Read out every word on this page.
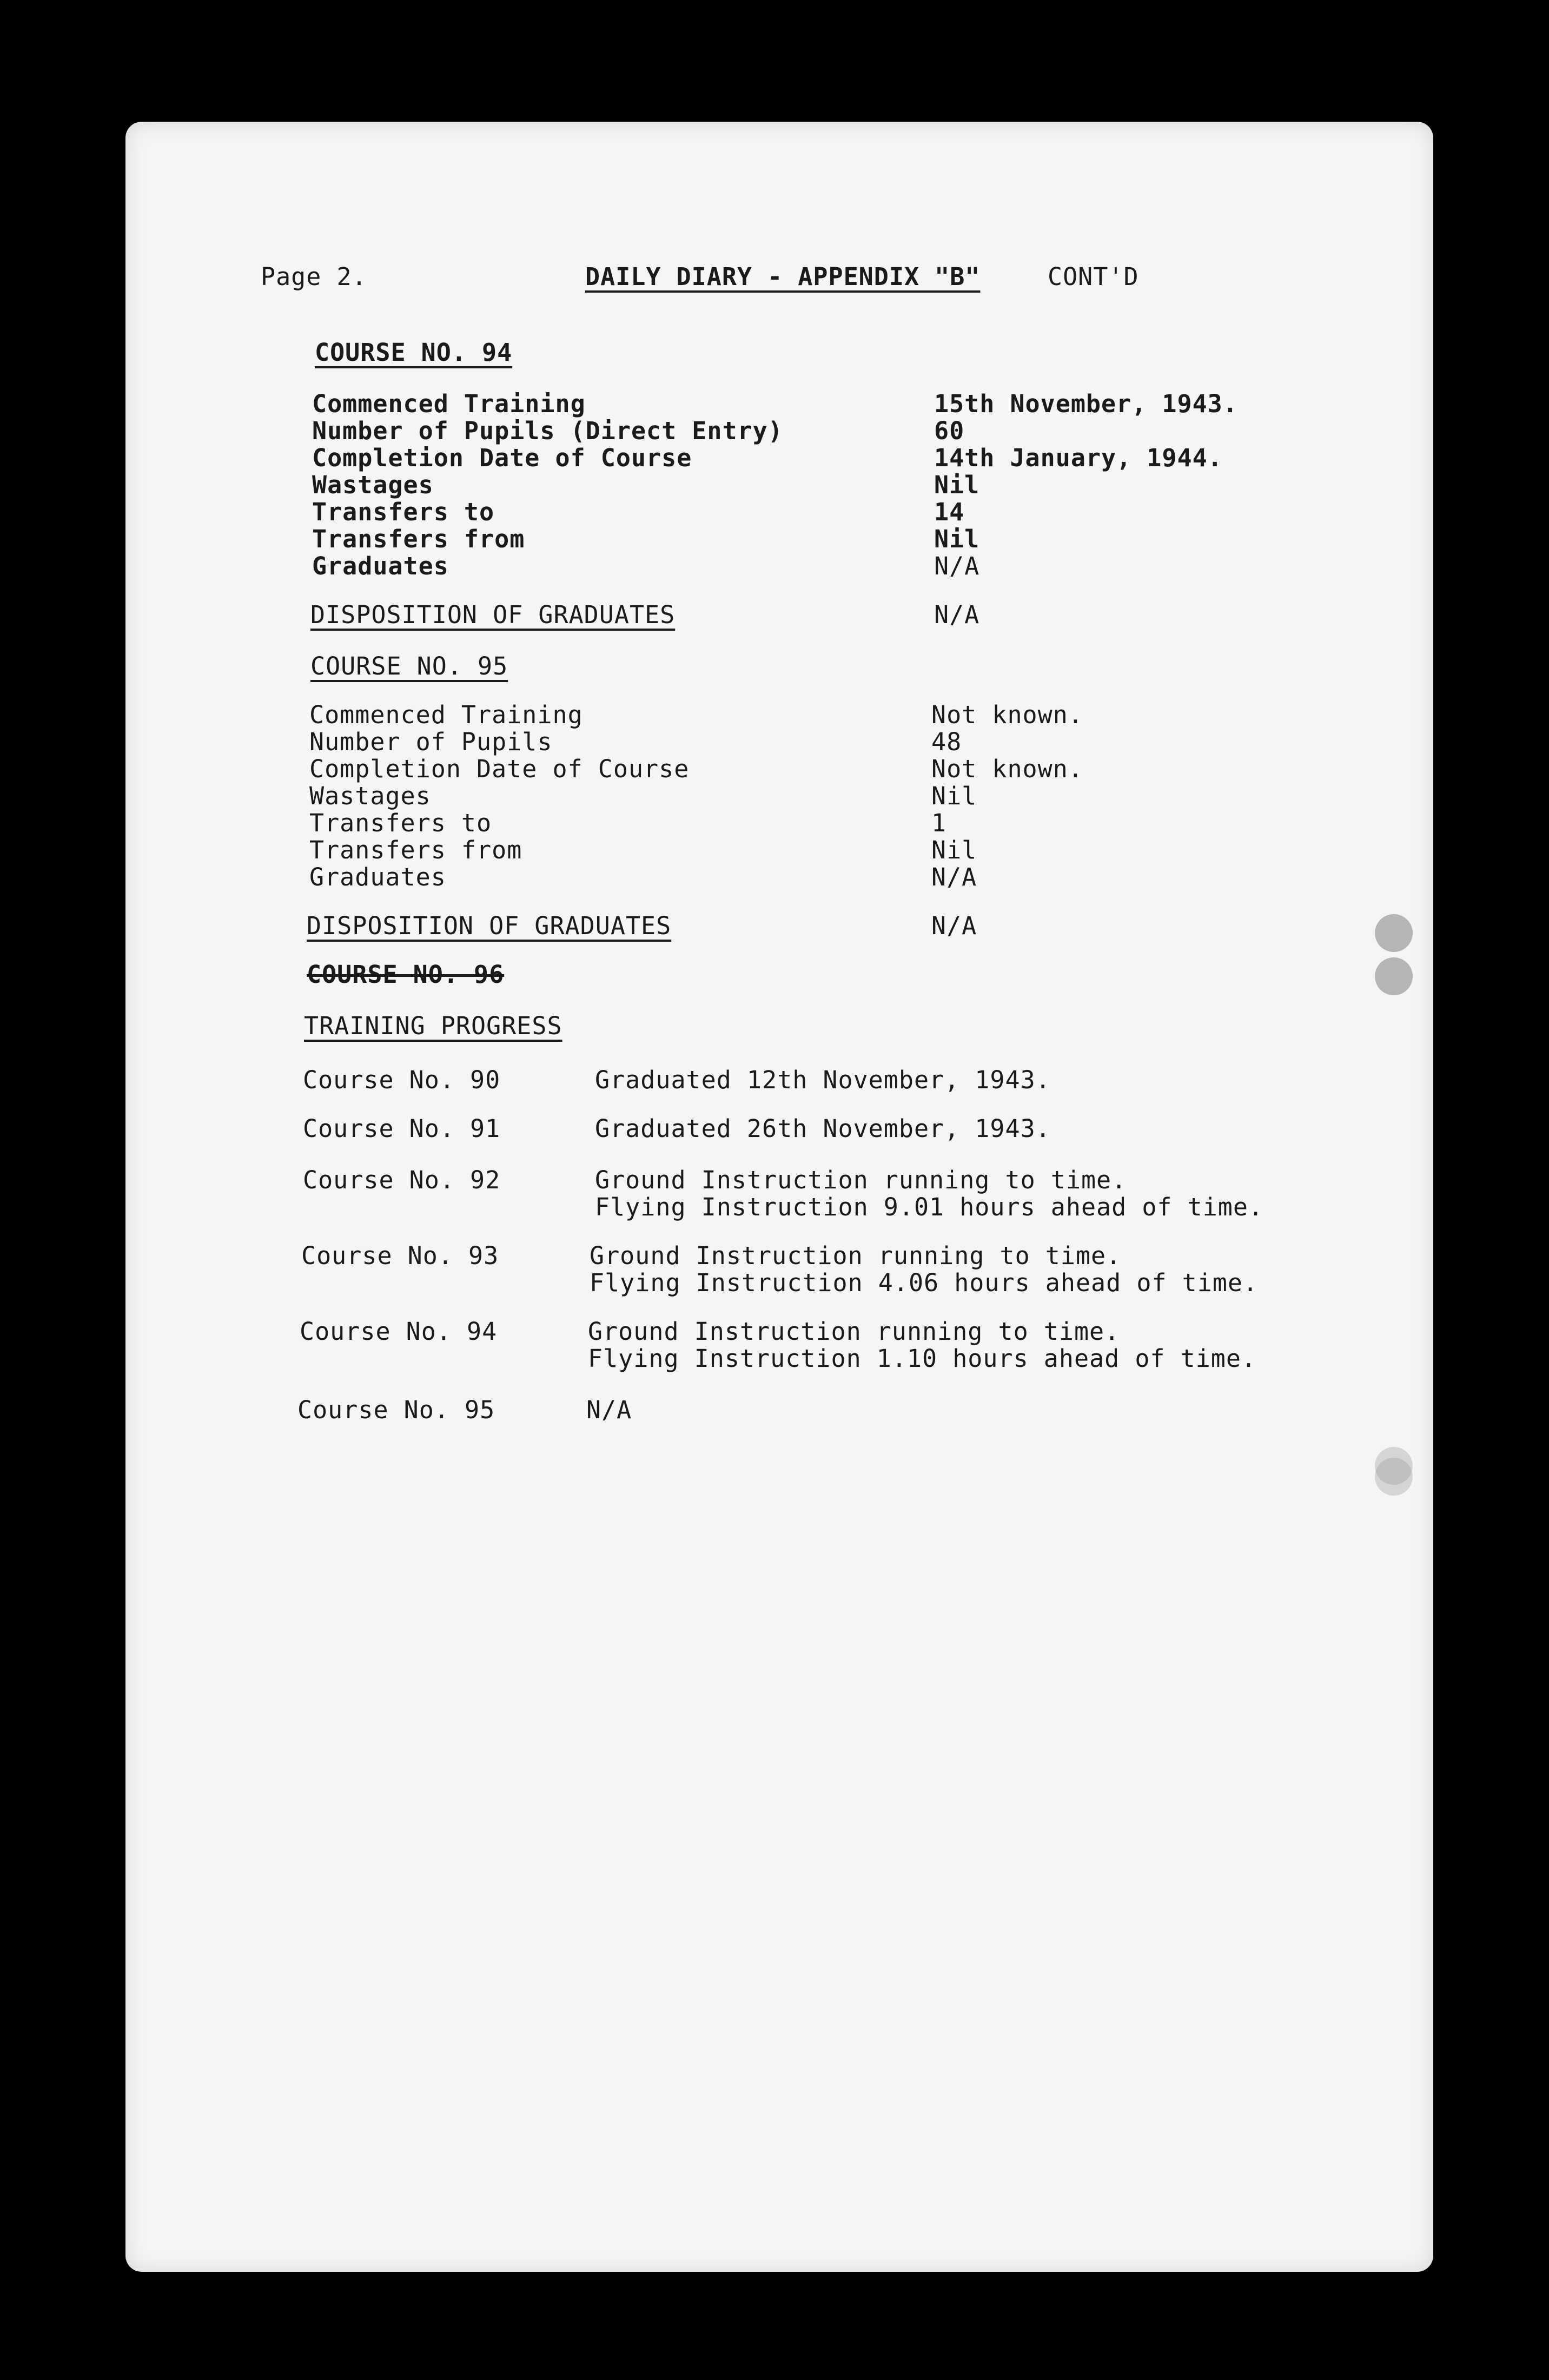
Page 2.	DAILY DIARY - APPENDIX "B"	CONT'D
COURSE NO. 94
Commenced Training	15th November, 1943.
Number of Pupils (Direct Entry)	60
Completion Date of Course	14th January, 1944.
Wastages	Nil
Transfers to	14
Transfers from	Nil
Graduates	N/A
DISPOSITION OF GRADUATES	N/A
COURSE NO. 95
Commenced Training	Not known.
Number of Pupils	48
Completion Date of Course	Not known.
Wastages	Nil
Transfers to	1
Transfers from	Nil
Graduates	N/A
DISPOSITION OF GRADUATES	N/A
COURSE NO. 96
TRAINING PROGRESS
Course No. 90	Graduated 12th November, 1943.
Course No. 91	Graduated 26th November, 1943.
Course No. 92	Ground Instruction running to time.
Flying Instruction 9.01 hours ahead of time.
Course No. 93	Ground Instruction running to time.
Flying Instruction 4.06 hours ahead of time.
Course No. 94	Ground Instruction running to time.
Flying Instruction 1.10 hours ahead of time.
Course No. 95	N/A
